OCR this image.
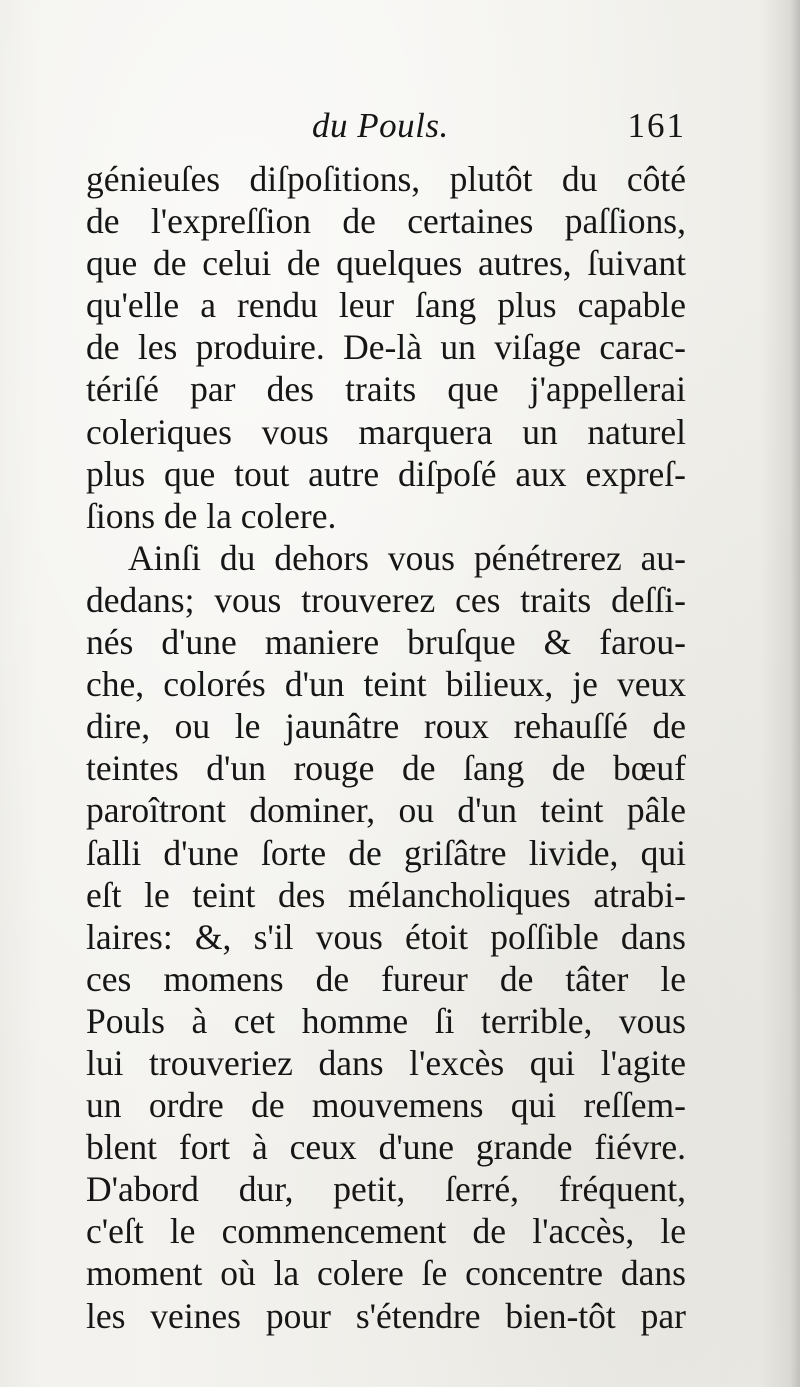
du Pouls.	161
génieuſes diſpoſitions, plutôt du côté
de l'expreſſion de certaines paſſions,
que de celui de quelques autres, ſuivant
qu'elle a rendu leur ſang plus capable
de les produire. De-là un viſage carac-
tériſé par des traits que j'appellerai
coleriques vous marquera un naturel
plus que tout autre diſpoſé aux expreſ-
ſions de la colere.
Ainſi du dehors vous pénétrerez au-
dedans; vous trouverez ces traits deſſi-
nés d'une maniere bruſque & farou-
che, colorés d'un teint bilieux, je veux
dire, ou le jaunâtre roux rehauſſé de
teintes d'un rouge de ſang de bœuf
paroîtront dominer, ou d'un teint pâle
ſalli d'une ſorte de griſâtre livide, qui
eſt le teint des mélancholiques atrabi-
laires: &, s'il vous étoit poſſible dans
ces momens de fureur de tâter le
Pouls à cet homme ſi terrible, vous
lui trouveriez dans l'excès qui l'agite
un ordre de mouvemens qui reſſem-
blent fort à ceux d'une grande fiévre.
D'abord dur, petit, ſerré, fréquent,
c'eſt le commencement de l'accès, le
moment où la colere ſe concentre dans
les veines pour s'étendre bien-tôt par
